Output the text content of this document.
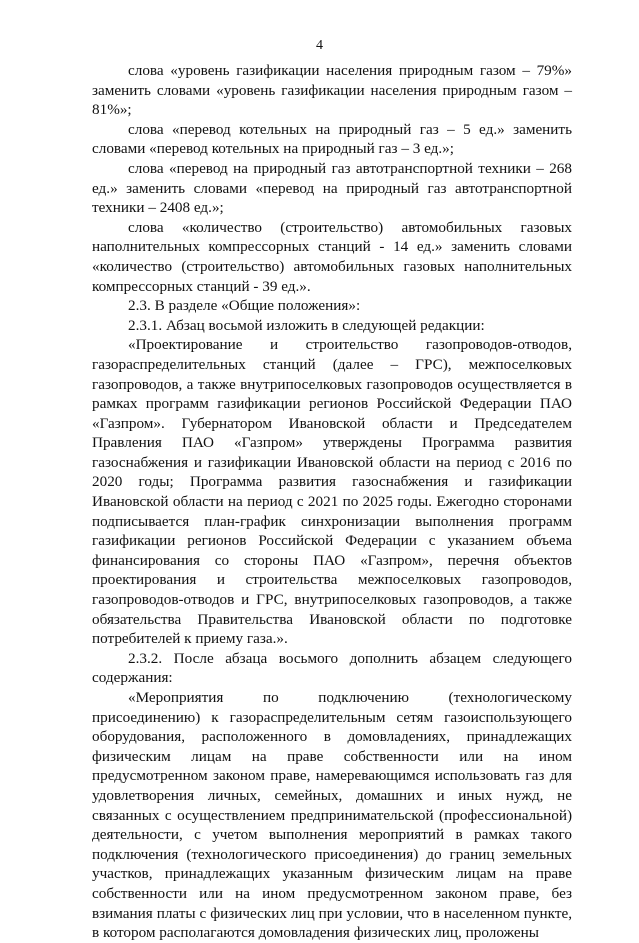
4

слова «уровень газификации населения природным газом – 79%» заменить словами «уровень газификации населения природным газом – 81%»;

слова «перевод котельных на природный газ – 5 ед.» заменить словами «перевод котельных на природный газ – 3 ед.»;

слова «перевод на природный газ автотранспортной техники – 268 ед.» заменить словами «перевод на природный газ автотранспортной техники – 2408 ед.»;

слова «количество (строительство) автомобильных газовых наполнительных компрессорных станций - 14 ед.» заменить словами «количество (строительство) автомобильных газовых наполнительных компрессорных станций - 39 ед.».

2.3. В разделе «Общие положения»:

2.3.1. Абзац восьмой изложить в следующей редакции:

«Проектирование и строительство газопроводов-отводов, газораспределительных станций (далее – ГРС), межпоселковых газопроводов, а также внутрипоселковых газопроводов осуществляется в рамках программ газификации регионов Российской Федерации ПАО «Газпром». Губернатором Ивановской области и Председателем Правления ПАО «Газпром» утверждены Программа развития газоснабжения и газификации Ивановской области на период с 2016 по 2020 годы; Программа развития газоснабжения и газификации Ивановской области на период с 2021 по 2025 годы. Ежегодно сторонами подписывается план-график синхронизации выполнения программ газификации регионов Российской Федерации с указанием объема финансирования со стороны ПАО «Газпром», перечня объектов проектирования и строительства межпоселковых газопроводов, газопроводов-отводов и ГРС, внутрипоселковых газопроводов, а также обязательства Правительства Ивановской области по подготовке потребителей к приему газа.».

2.3.2. После абзаца восьмого дополнить абзацем следующего содержания:

«Мероприятия по подключению (технологическому присоединению) к газораспределительным сетям газоиспользующего оборудования, расположенного в домовладениях, принадлежащих физическим лицам на праве собственности или на ином предусмотренном законом праве, намеревающимся использовать газ для удовлетворения личных, семейных, домашних и иных нужд, не связанных с осуществлением предпринимательской (профессиональной) деятельности, с учетом выполнения мероприятий в рамках такого подключения (технологического присоединения) до границ земельных участков, принадлежащих указанным физическим лицам на праве собственности или на ином предусмотренном законом праве, без взимания платы с физических лиц при условии, что в населенном пункте, в котором располагаются домовладения физических лиц, проложены
